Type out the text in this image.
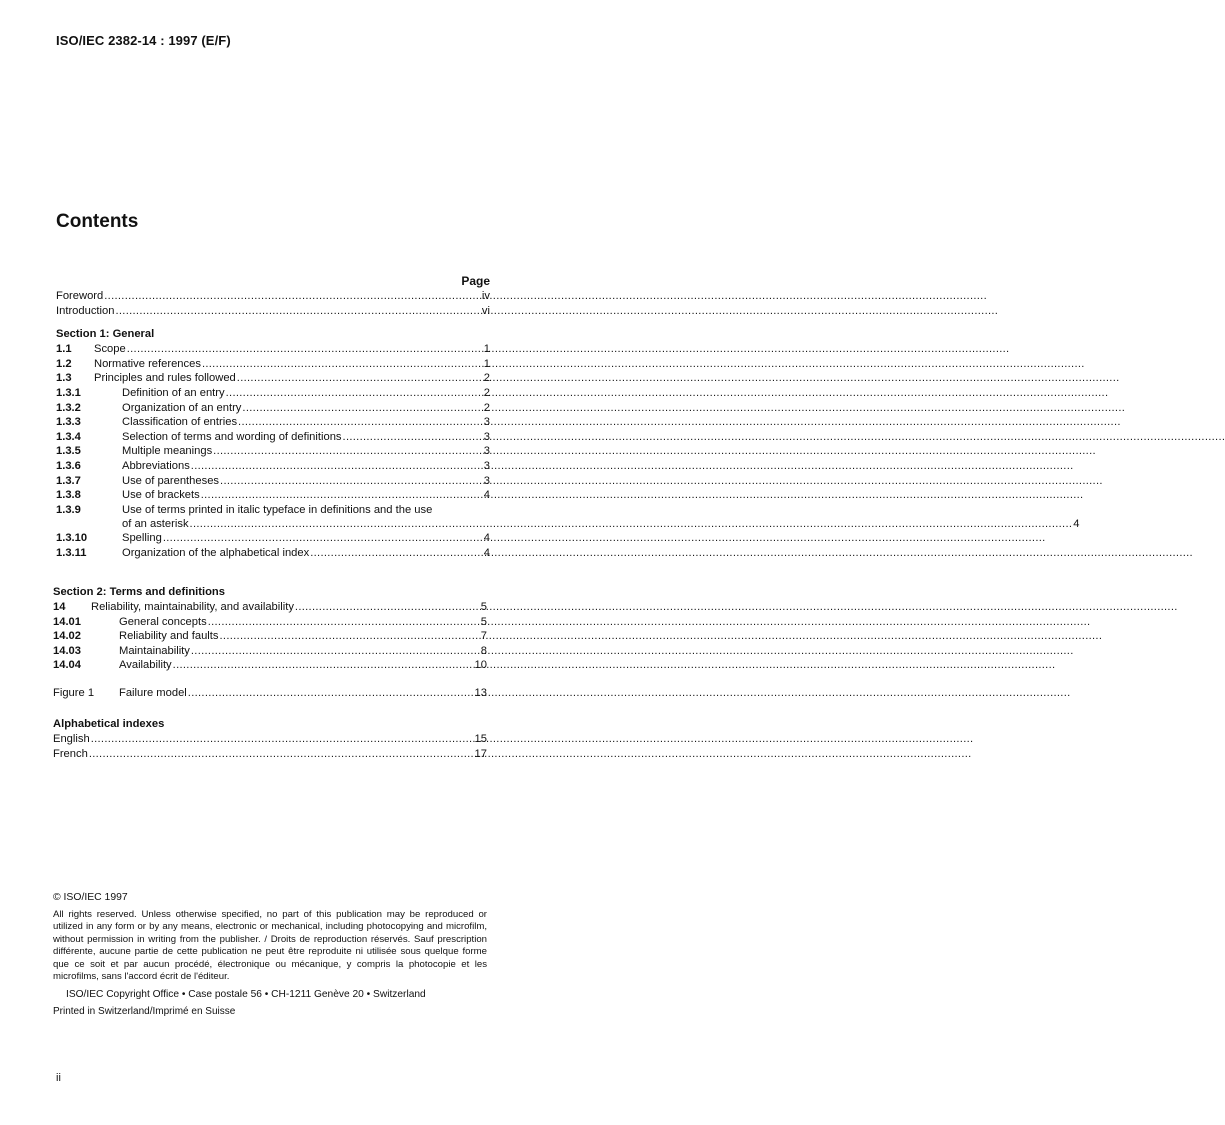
ISO/IEC 2382-14 : 1997 (E/F)
Contents
Page
Foreword .....	iv
Introduction .....	vi
Section 1: General
1.1	Scope .....	1
1.2	Normative references .....	1
1.3	Principles and rules followed .....	2
1.3.1	Definition of an entry .....	2
1.3.2	Organization of an entry .....	2
1.3.3	Classification of entries .....	3
1.3.4	Selection of terms and wording of definitions .....	3
1.3.5	Multiple meanings .....	3
1.3.6	Abbreviations .....	3
1.3.7	Use of parentheses .....	3
1.3.8	Use of brackets .....	4
1.3.9	Use of terms printed in italic typeface in definitions and the use
of an asterisk .....	4
1.3.10	Spelling .....	4
1.3.11	Organization of the alphabetical index .....	4
Section 2: Terms and definitions
14	Reliability, maintainability, and availability .....	5
14.01	General concepts .....	5
14.02	Reliability and faults .....	7
14.03	Maintainability .....	8
14.04	Availability .....	10
Figure 1	Failure model .....	13
Alphabetical indexes
English .....	15
French .....	17
© ISO/IEC 1997
All rights reserved. Unless otherwise specified, no part of this publication may be reproduced or utilized in any form or by any means, electronic or mechanical, including photocopying and microfilm, without permission in writing from the publisher. / Droits de reproduction réservés. Sauf prescription différente, aucune partie de cette publication ne peut être reproduite ni utilisée sous quelque forme que ce soit et par aucun procédé, électronique ou mécanique, y compris la photocopie et les microfilms, sans l'accord écrit de l'éditeur.
ISO/IEC Copyright Office • Case postale 56 • CH-1211 Genève 20 • Switzerland
Printed in Switzerland/Imprimé en Suisse
ii
